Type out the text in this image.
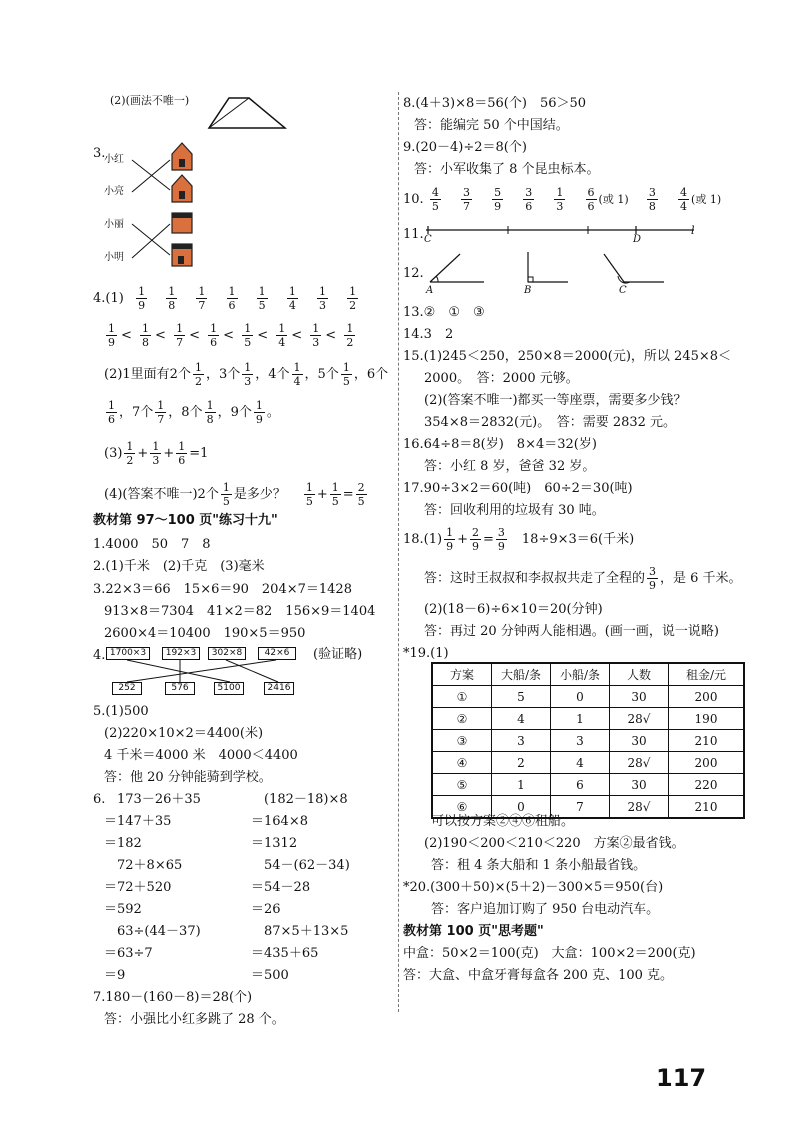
(2)(画法不唯一)
3.
小红
小亮
小丽
小明
$4.(1) \frac{1}{9}$
$\frac{1}{8}$
$\frac{1}{7}$
$\frac{1}{6}$
$\frac{1}{5}$
$\frac{1}{4}$
$\frac{1}{3}$
$\frac{1}{2}$
$\frac{1}{9} < \frac{1}{8} < \frac{1}{7} < \frac{1}{6} < \frac{1}{5} < \frac{1}{4} < \frac{1}{3} < \frac{1}{2}$
(2)1里面有2个 $\frac{1}{2}$ ，3个 $\frac{1}{3}$ ，4个 $\frac{1}{4}$ ，5个 $\frac{1}{5}$ ，6个
$\frac{1}{6}$ ，7个 $\frac{1}{7}$ ，8个 $\frac{1}{8}$ ，9个 $\frac{1}{9}$ 。
$(3) \frac{1}{2} + \frac{1}{3} + \frac{1}{6} =1$
(4)(答案不唯一)2个 $\frac{1}{5}$ 是多少？ $\frac{1}{5} + \frac{1}{5} = \frac{2}{5}$
教材第 97～100 页"练习十九"
1.4000　50　7　8
2.(1)千米　(2)千克　(3)毫米
3.22×3＝66　15×6＝90　204×7＝1428
913×8＝7304　41×2＝82　156×9＝1404
2600×4＝10400　190×5＝950
4. 1700×3	192×3	302×8	42×6	(验证略)
252	576	5100	2416
5.(1)500
(2)220×10×2＝4400(米)
4 千米＝4000 米　4000＜4400
答：他 20 分钟能骑到学校。
6. 173－26＋35
＝147＋35
＝182
72＋8×65
＝72＋520
＝592
63÷(44－37)
＝63÷7
＝9
(182－18)×8
＝164×8
＝1312
54－(62－34)
＝54－28
＝26
87×5＋13×5
＝435＋65
＝500
7.180－(160－8)＝28(个)
答：小强比小红多跳了 28 个。
8.(4＋3)×8＝56(个)　56＞50
答：能编完 50 个中国结。
9.(20－4)÷2＝8(个)
答：小军收集了 8 个昆虫标本。
10. $\frac{4}{5}$
$\frac{3}{7}$
$\frac{5}{9}$
$\frac{3}{6}$
$\frac{1}{3}$
$\frac{6}{6}$ (或 $1) \frac{3}{8}$
$\frac{4}{4}$ (或 1)
11. C	D
l
12.
A	B	C
13.②　①　③
14.3　2
15.(1)245＜250，250×8＝2000(元)，所以 245×8＜
2000。　答：2000 元够。
(2)(答案不唯一)都买一等座票，需要多少钱？
354×8＝2832(元)。　答：需要 2832 元。
16.64÷8＝8(岁)　8×4＝32(岁)
答：小红 8 岁，爸爸 32 岁。
17.90÷3×2＝60(吨)　60÷2＝30(吨)
答：回收利用的垃圾有 30 吨。
$18.(1) \frac{1}{9} + \frac{2}{9} = \frac{3}{9}$ 　18÷9×3＝6(千米)
答：这时王叔叔和李叔叔共走了全程的 $\frac{3}{9}$ ，是 6 千米。
(2)(18－6)÷6×10＝20(分钟)
答：再过 20 分钟两人能相遇。(画一画，说一说略)
*19.(1)
方案	大船/条	小船/条	人数	租金/元
①	5	0	30	200
②	4	1	28√	190
③	3	3	30	210
④	2	4	28√	200
⑤	1	6	30	220
⑥	0	7	28√	210
可以按方案②④⑥租船。
(2)190＜200＜210＜220　方案②最省钱。
答：租 4 条大船和 1 条小船最省钱。
*20.(300＋50)×(5＋2)－300×5＝950(台)
答：客户追加订购了 950 台电动汽车。
教材第 100 页"思考题"
中盒：50×2＝100(克)　大盒：100×2＝200(克)
答：大盒、中盒牙膏每盒各 200 克、100 克。
117
